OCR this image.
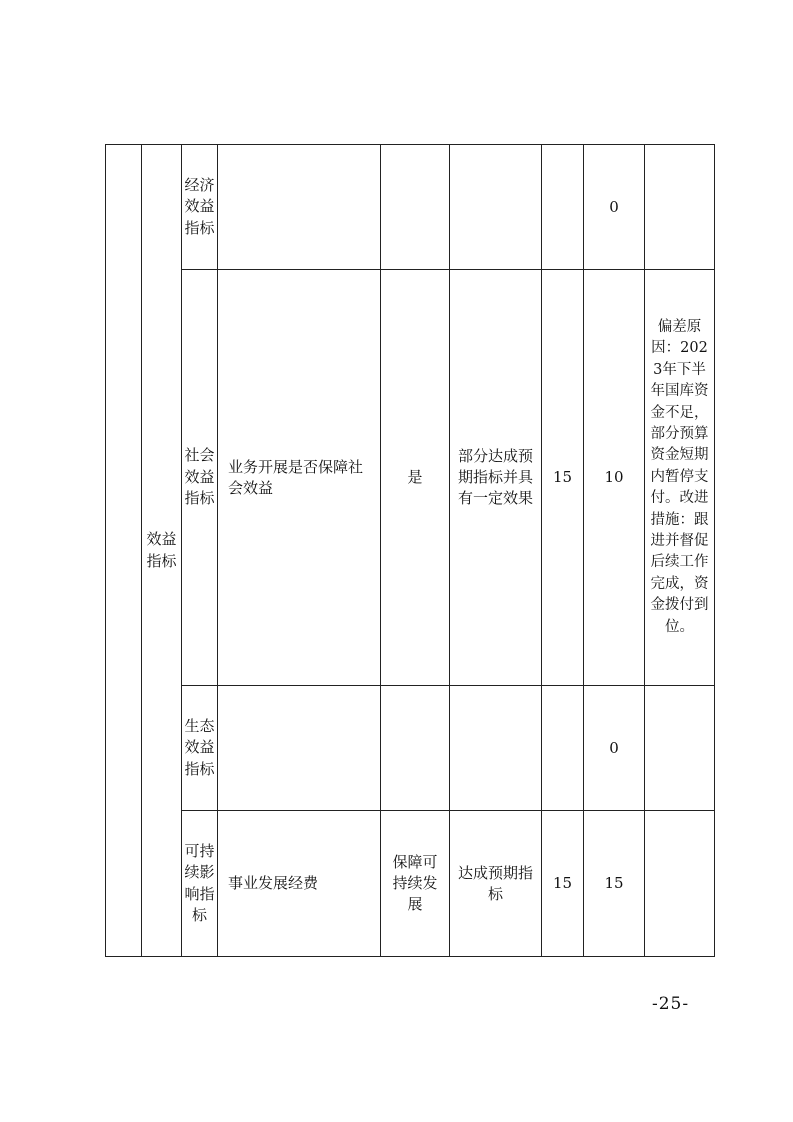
	效益指标	经济效益指标					0	
		社会效益指标	业务开展是否保障社会效益	是	部分达成预期指标并具有一定效果	15	10	偏差原因：2023年下半年国库资金不足，部分预算资金短期内暂停支付。改进措施：跟进并督促后续工作完成，资金拨付到位。
		生态效益指标					0	
		可持续影响指标	事业发展经费	保障可持续发展	达成预期指标	15	15	
-25-
